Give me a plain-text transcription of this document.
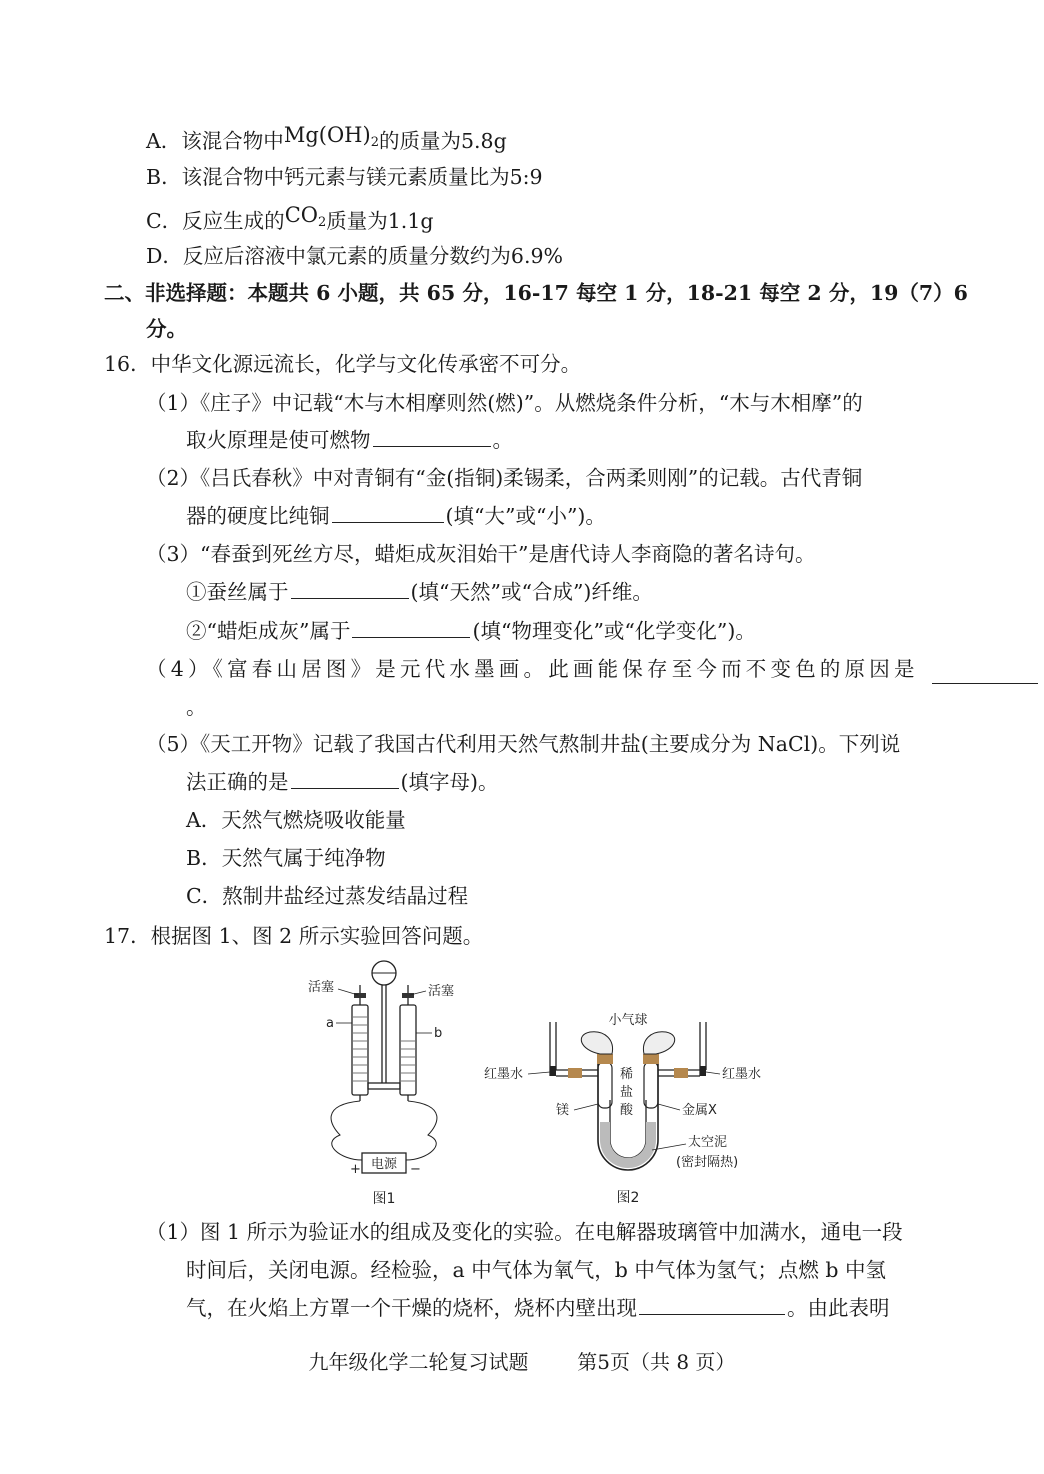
A．该混合物中$Mg(OH)_2$的质量为5.8g
B．该混合物中钙元素与镁元素质量比为5:9
C．反应生成的$CO_2$质量为1.1g
D．反应后溶液中氯元素的质量分数约为6.9%
二、非选择题：本题共 6 小题，共 65 分，16-17 每空 1 分，18-21 每空 2 分，19（7）6
分。
16．中华文化源远流长，化学与文化传承密不可分。
（1）《庄子》中记载“木与木相摩则然(燃)”。从燃烧条件分析，“木与木相摩”的
取火原理是使可燃物	。
（2）《吕氏春秋》中对青铜有“金(指铜)柔锡柔，合两柔则刚”的记载。古代青铜
器的硬度比纯铜	(填“大”或“小”)。
（3）“春蚕到死丝方尽，蜡炬成灰泪始干”是唐代诗人李商隐的著名诗句。
①蚕丝属于	(填“天然”或“合成”)纤维。
②“蜡炬成灰”属于	(填“物理变化”或“化学变化”)。
（4）《富春山居图》是元代水墨画。此画能保存至今而不变色的原因是
。
（5）《天工开物》记载了我国古代利用天然气熬制井盐(主要成分为 NaCl)。下列说
法正确的是	(填字母)。
A．天然气燃烧吸收能量
B．天然气属于纯净物
C．熬制井盐经过蒸发结晶过程
17．根据图 1、图 2 所示实验回答问题。
电源
+	−
活塞	活塞
a
b
图1
小气球
红墨水	红墨水
稀
盐
酸
镁	金属X
太空泥
(密封隔热)
图2
（1）图 1 所示为验证水的组成及变化的实验。在电解器玻璃管中加满水，通电一段
时间后，关闭电源。经检验，a 中气体为氧气，b 中气体为氢气；点燃 b 中氢
气，在火焰上方罩一个干燥的烧杯，烧杯内壁出现	。由此表明
九年级化学二轮复习试题 第5页（共 8 页）
